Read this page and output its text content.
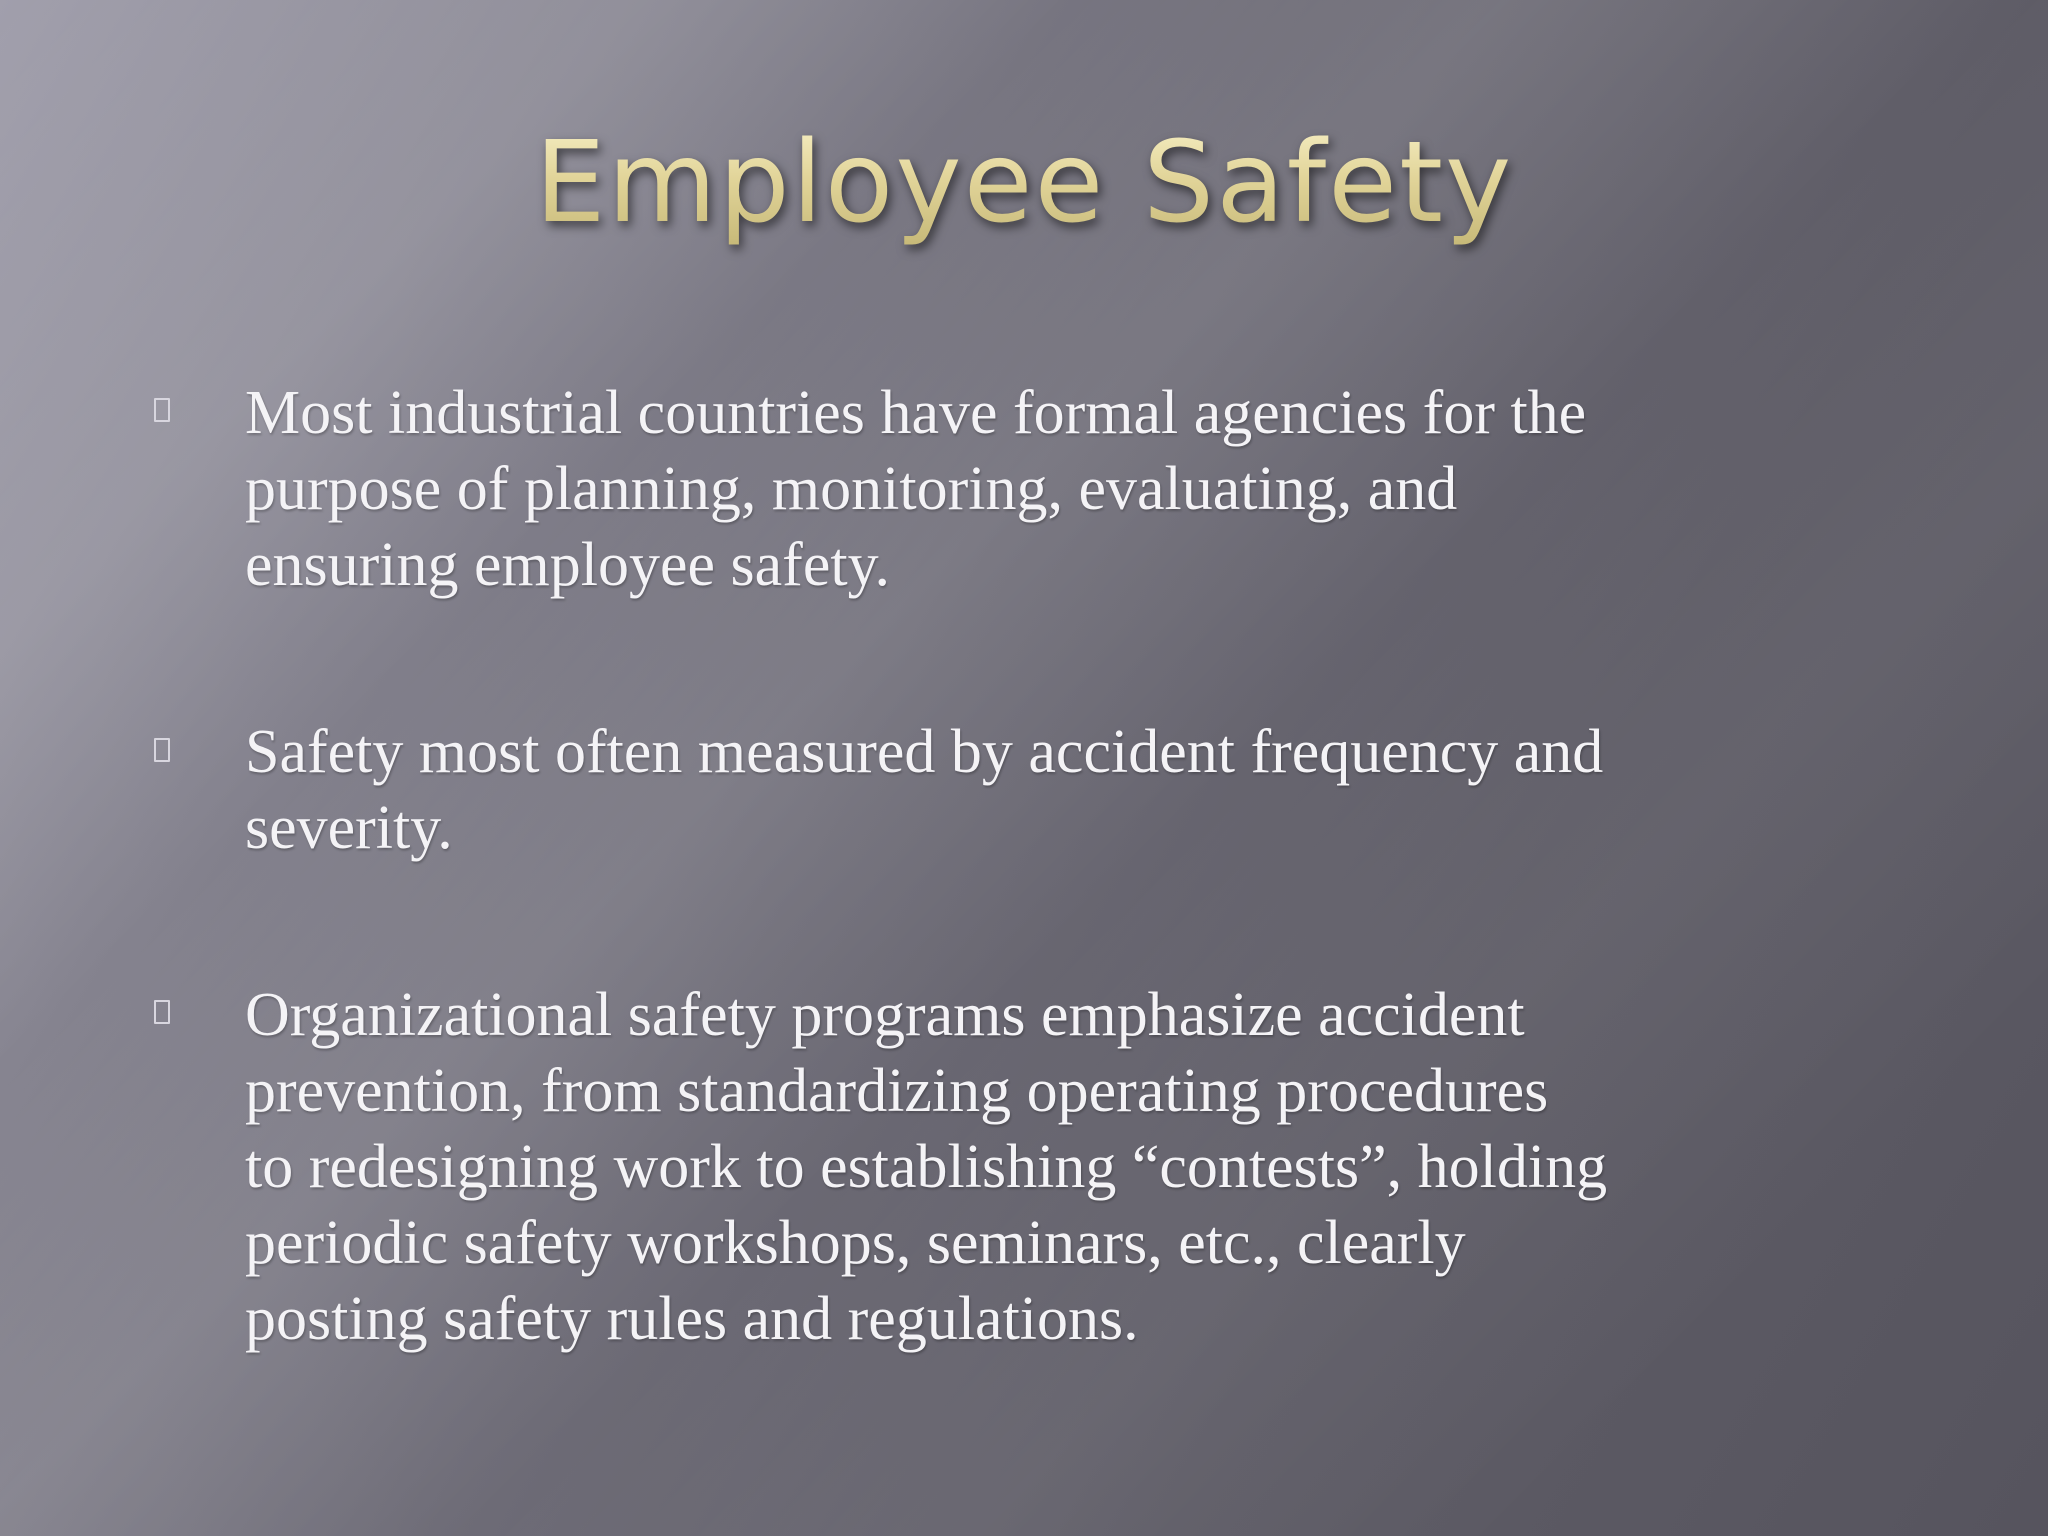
Employee Safety
Most industrial countries have formal agencies for the
purpose of planning, monitoring, evaluating, and
ensuring employee safety.
Safety most often measured by accident frequency and
severity.
Organizational safety programs emphasize accident
prevention, from standardizing operating procedures
to redesigning work to establishing “contests”, holding
periodic safety workshops, seminars, etc., clearly
posting safety rules and regulations.
